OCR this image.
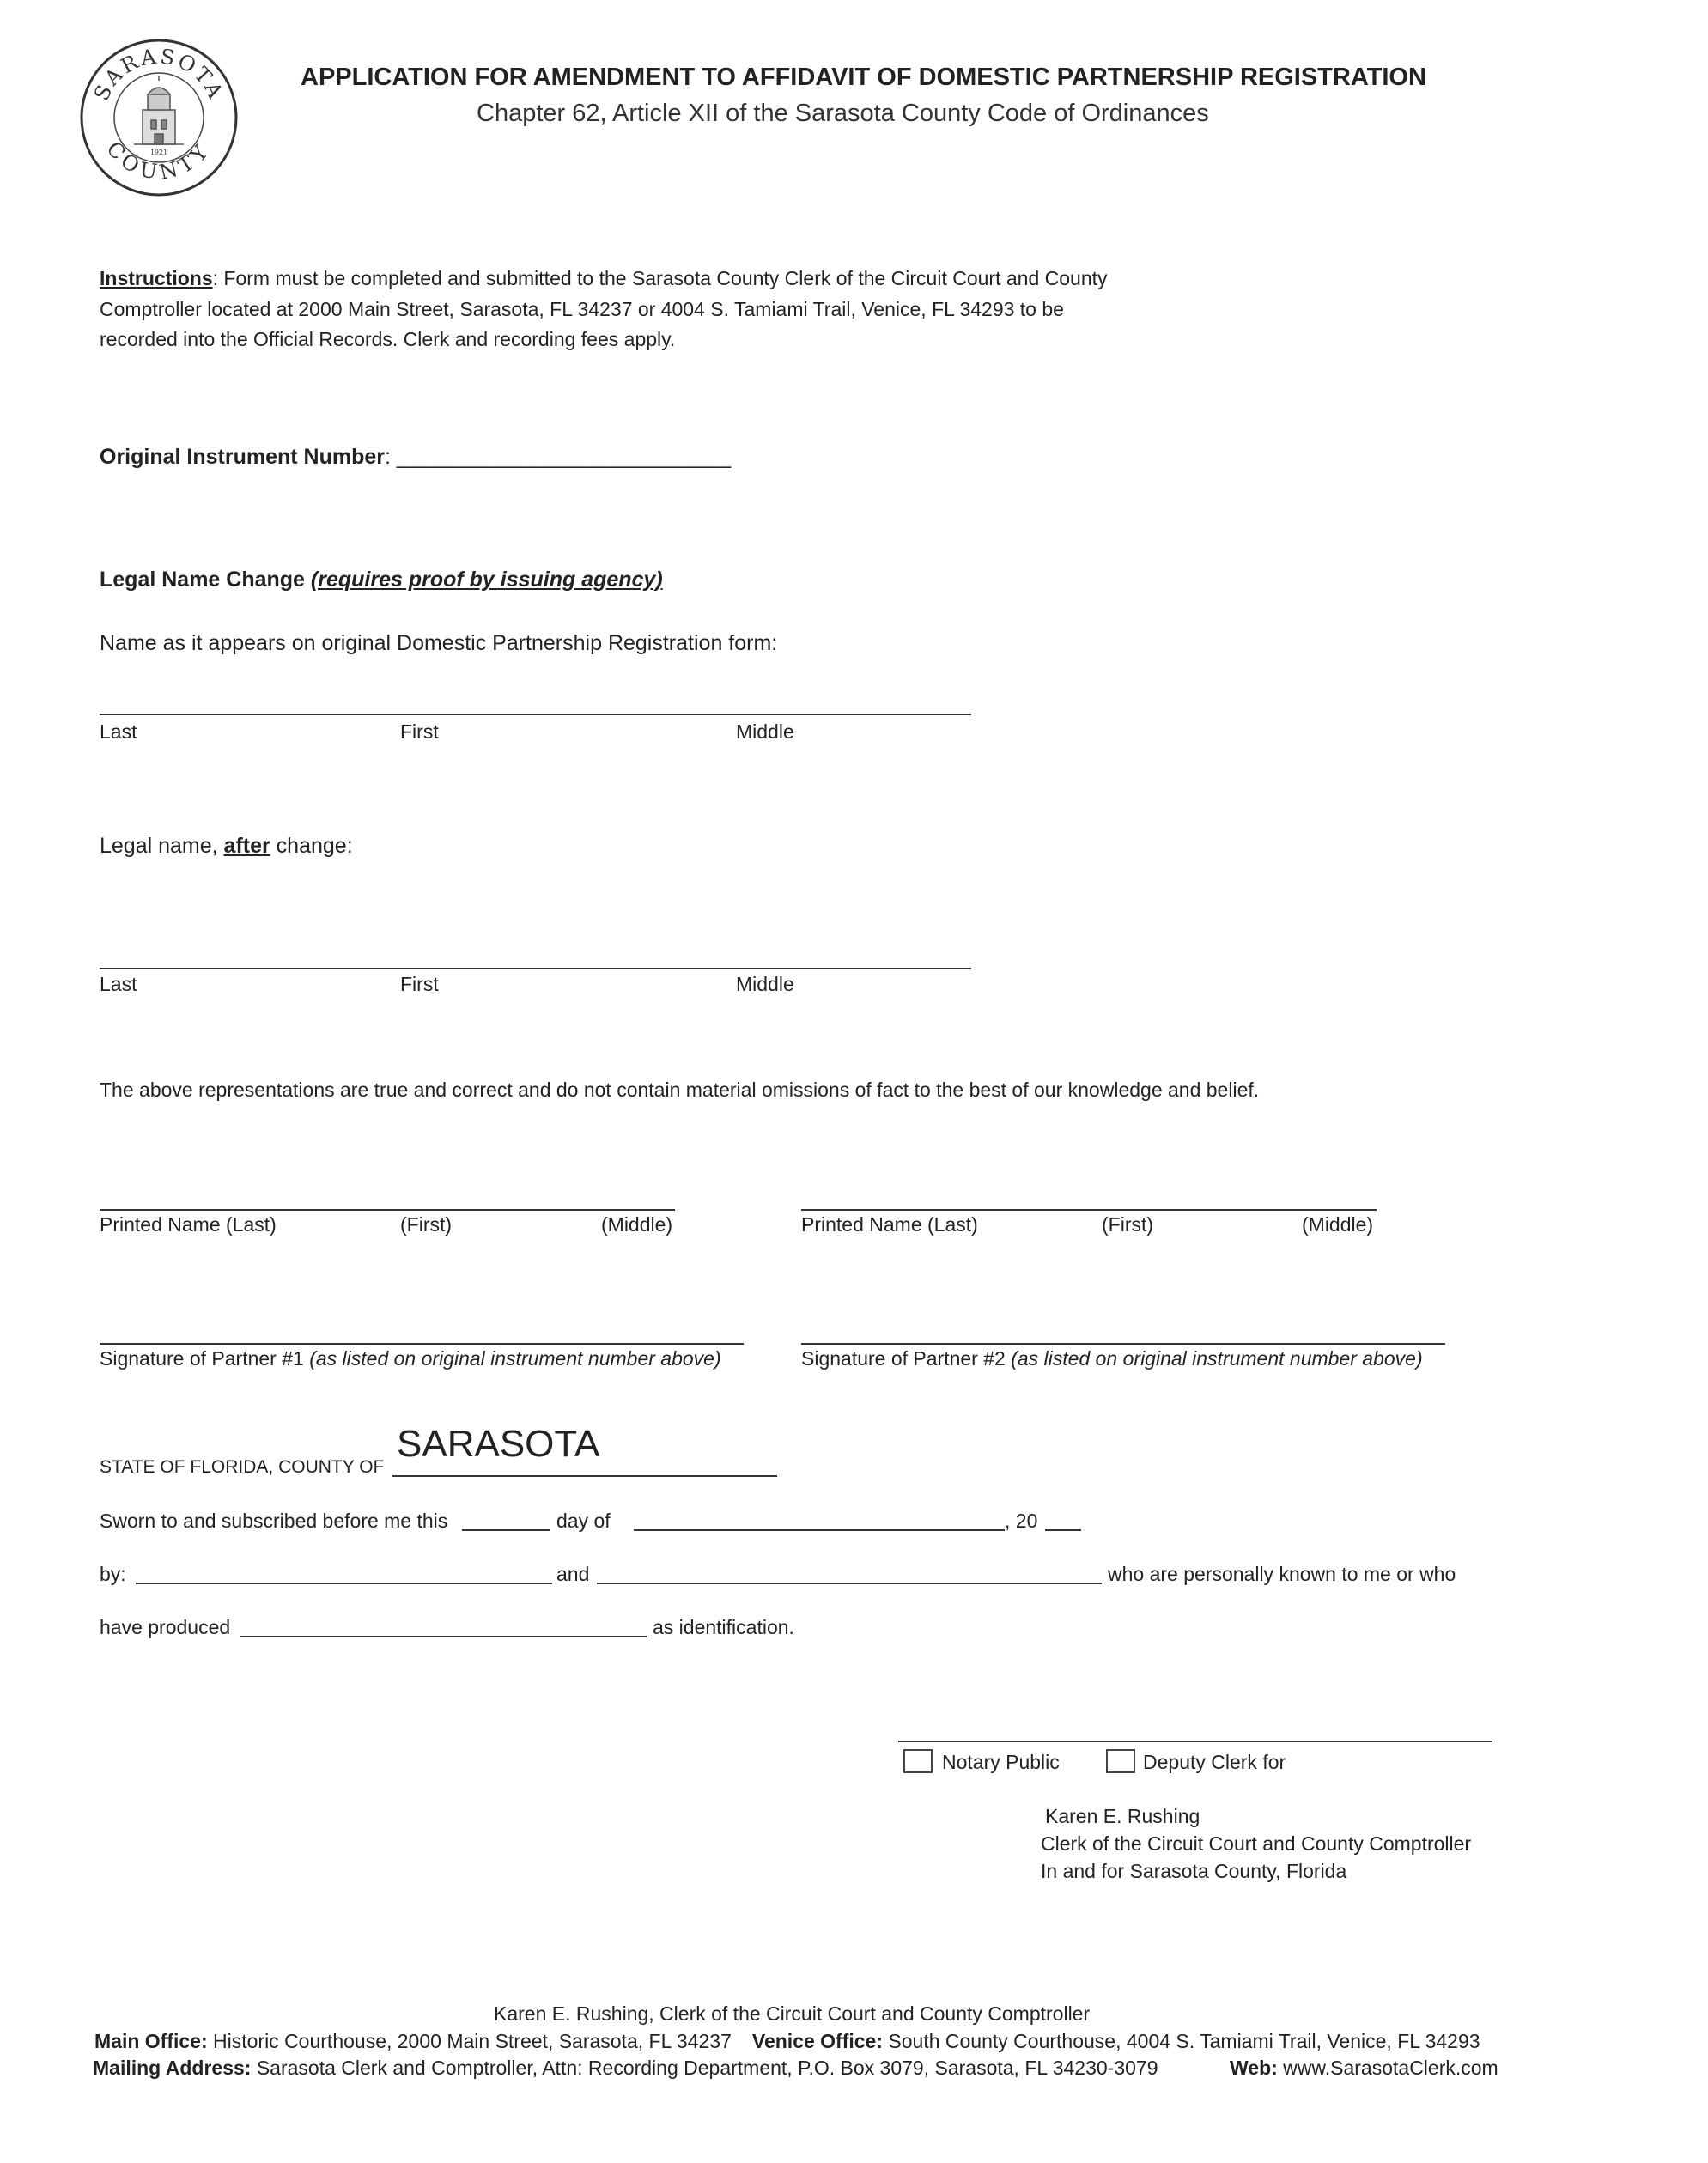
SARASOTA
COUNTY
1921
APPLICATION FOR AMENDMENT TO AFFIDAVIT OF DOMESTIC PARTNERSHIP REGISTRATION
Chapter 62, Article XII of the Sarasota County Code of Ordinances
Instructions: Form must be completed and submitted to the Sarasota County Clerk of the Circuit Court and County
Comptroller located at 2000 Main Street, Sarasota, FL 34237 or 4004 S. Tamiami Trail, Venice, FL 34293 to be
recorded into the Official Records. Clerk and recording fees apply.
Original Instrument Number: ____________________________
Legal Name Change (requires proof by issuing agency)
Name as it appears on original Domestic Partnership Registration form:
Last	First	Middle
Legal name, after change:
Last	First	Middle
The above representations are true and correct and do not contain material omissions of fact to the best of our knowledge and belief.
Printed Name (Last)	(First)	(Middle)	Printed Name (Last)	(First)	(Middle)
Signature of Partner #1 (as listed on original instrument number above)	Signature of Partner #2 (as listed on original instrument number above)
STATE OF FLORIDA, COUNTY OF
SARASOTA
Sworn to and subscribed before me this	day of	, 20
by:	and	who are personally known to me or who
have produced	as identification.
Notary Public	Deputy Clerk for
Karen E. Rushing
Clerk of the Circuit Court and County Comptroller
In and for Sarasota County, Florida
Karen E. Rushing, Clerk of the Circuit Court and County Comptroller
Main Office: Historic Courthouse, 2000 Main Street, Sarasota, FL 34237 Venice Office: South County Courthouse, 4004 S. Tamiami Trail, Venice, FL 34293
Mailing Address: Sarasota Clerk and Comptroller, Attn: Recording Department, P.O. Box 3079, Sarasota, FL 34230-3079	Web: www.SarasotaClerk.com
